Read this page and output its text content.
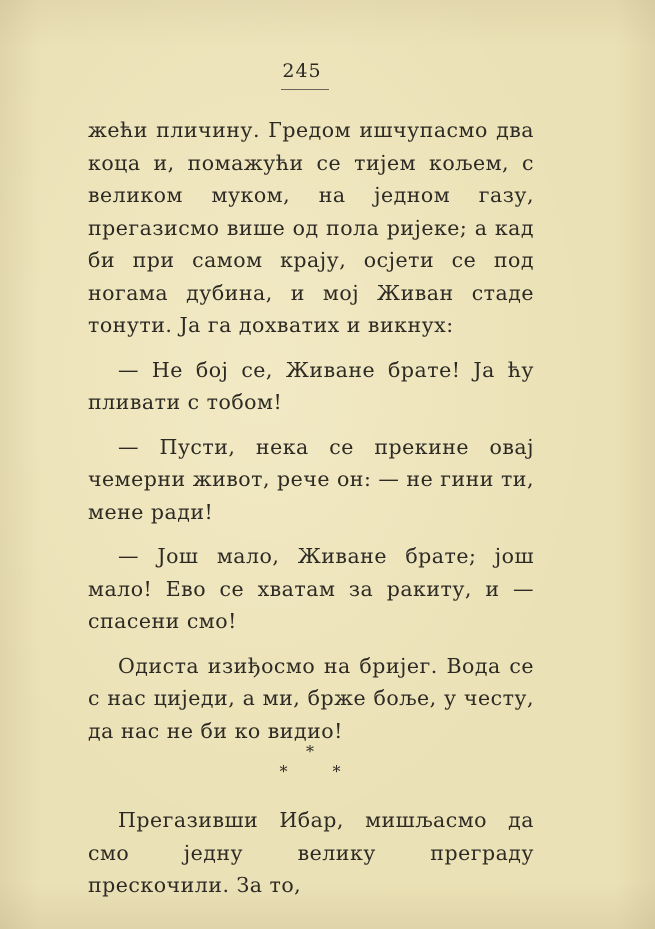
245

жећи пличину. Гредом ишчупасмо два коца и, помажући се тијем кољем, с великом муком, на једном газу, прегазисмо више од пола ријеке; а кад би при самом крају, осјети се под ногама дубина, и мој Живан стаде тонути. Ја га дохватих и викнух:

— Не бој се, Живане брате! Ја ћу пливати с тобом!

— Пусти, нека се прекине овај чемерни живот, рече он: — не гини ти, мене ради!

— Још мало, Живане брате; још мало! Ево се хватам за ракиту, и — спасени смо!

Одиста изиђосмо на бријег. Вода се с нас циједи, а ми, брже боље, у честу, да нас не би ко видио!

*
*	*

Прегазивши Ибар, мишљасмо да смо једну велику преграду прескочили. За то,
